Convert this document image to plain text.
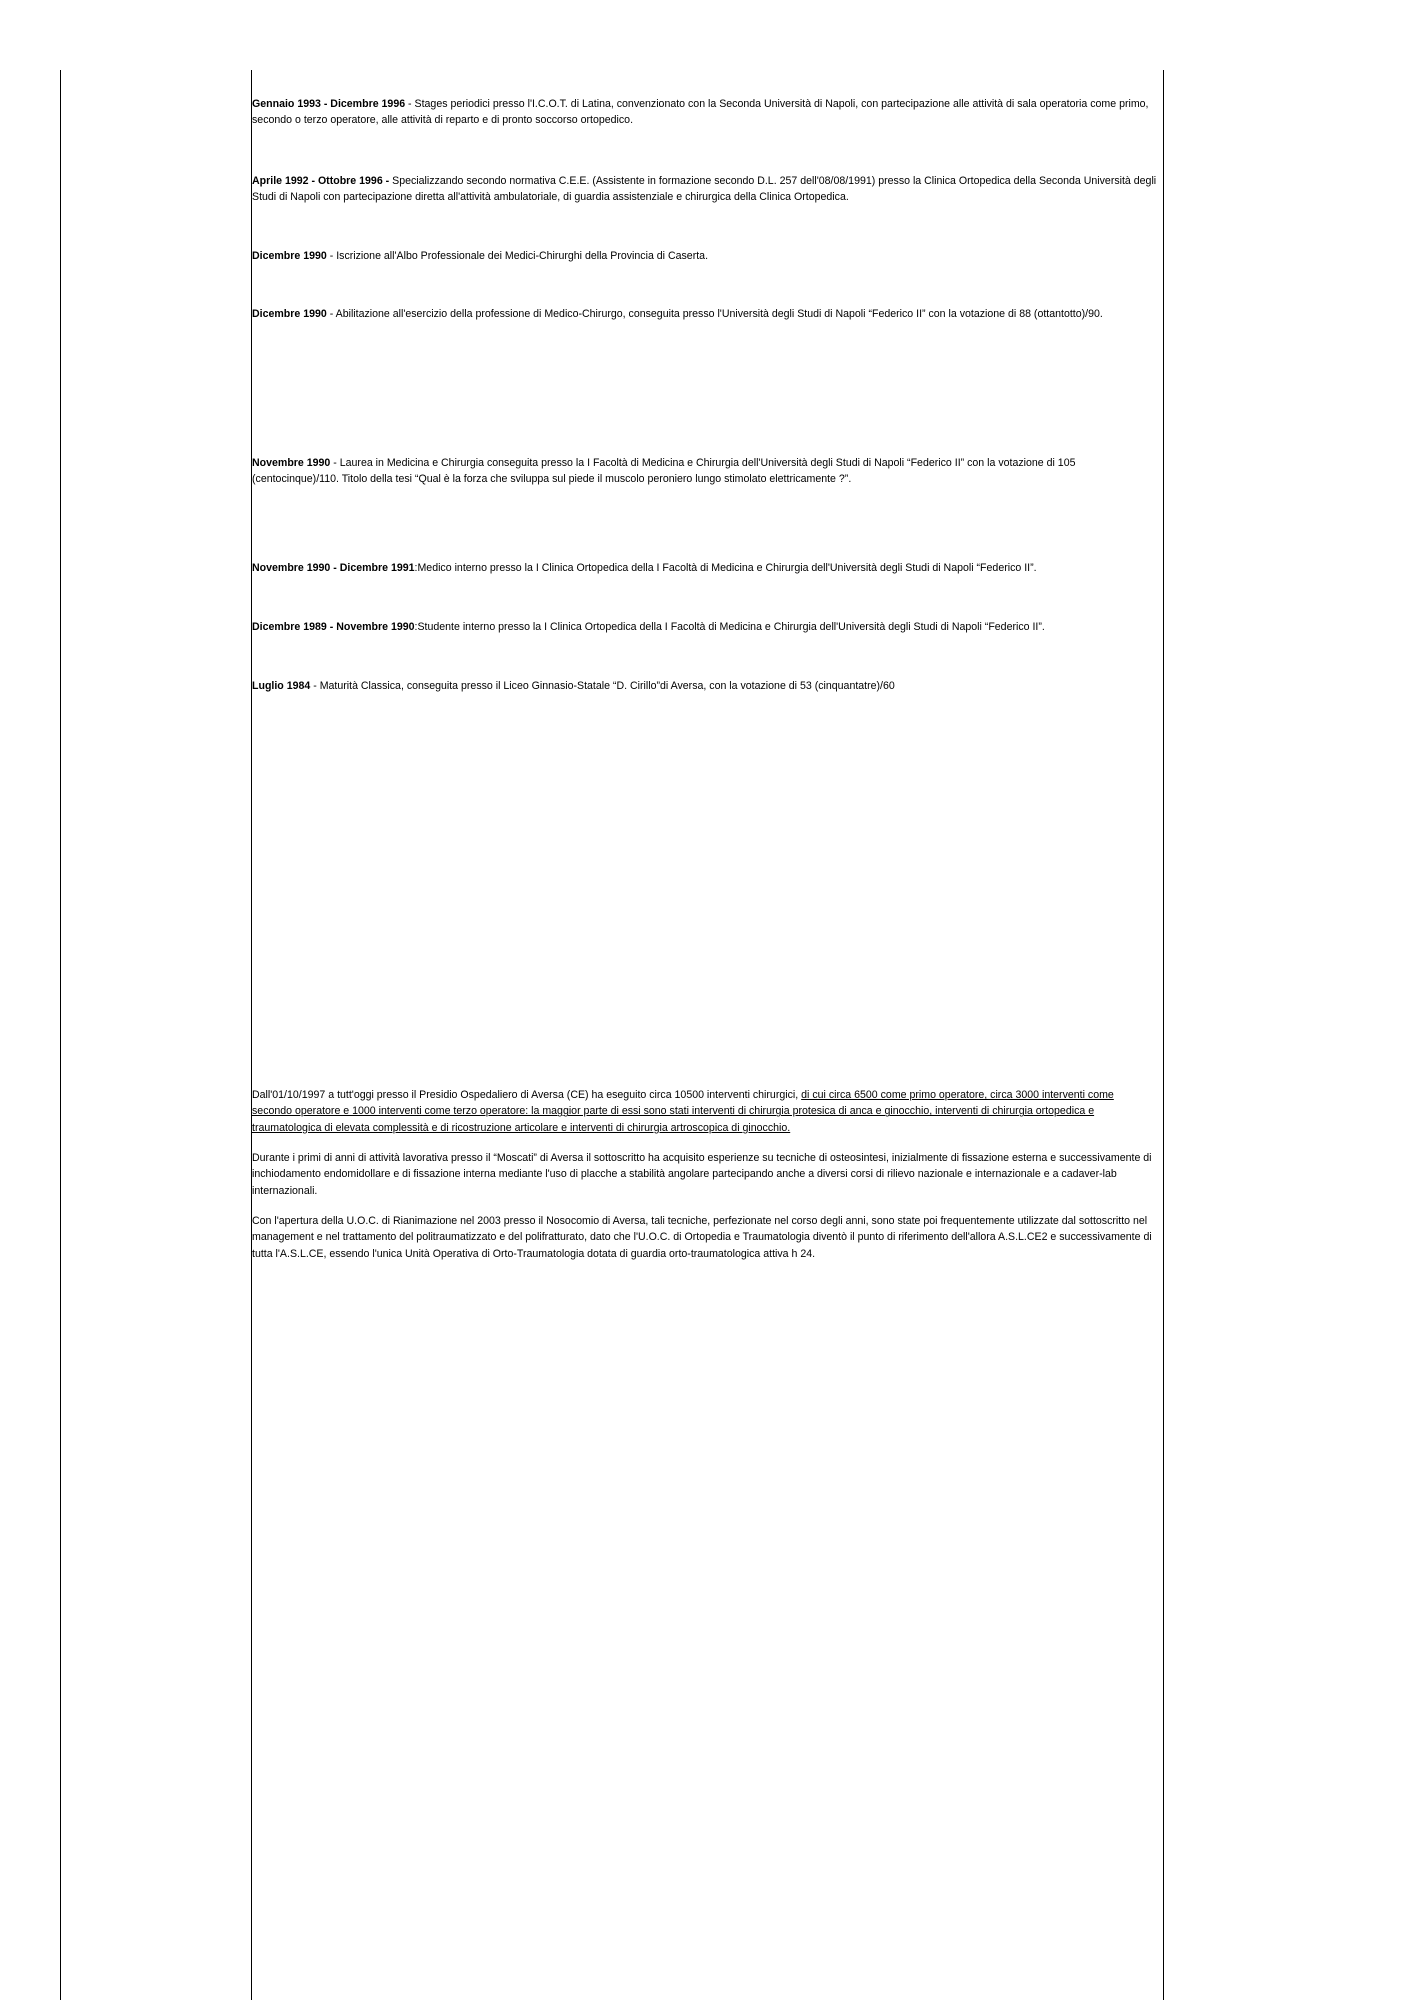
Gennaio 1993 - Dicembre 1996 - Stages periodici presso l'I.C.O.T. di Latina, convenzionato con la Seconda Università di Napoli, con partecipazione alle attività di sala operatoria come primo, secondo o terzo operatore, alle attività di reparto e di pronto soccorso ortopedico.

Aprile 1992 - Ottobre 1996 - Specializzando secondo normativa C.E.E. (Assistente in formazione secondo D.L. 257 dell'08/08/1991) presso la Clinica Ortopedica della Seconda Università degli Studi di Napoli con partecipazione diretta all'attività ambulatoriale, di guardia assistenziale e chirurgica della Clinica Ortopedica.

Dicembre 1990 - Iscrizione all'Albo Professionale dei Medici-Chirurghi della Provincia di Caserta.

Dicembre 1990 - Abilitazione all'esercizio della professione di Medico-Chirurgo, conseguita presso l'Università degli Studi di Napoli “Federico II” con la votazione di 88 (ottantotto)/90.

Novembre 1990 - Laurea in Medicina e Chirurgia conseguita presso la I Facoltà di Medicina e Chirurgia dell'Università degli Studi di Napoli “Federico II” con la votazione di 105 (centocinque)/110. Titolo della tesi “Qual è la forza che sviluppa sul piede il muscolo peroniero lungo stimolato elettricamente ?”.

Novembre 1990 - Dicembre 1991:Medico interno presso la I Clinica Ortopedica della I Facoltà di Medicina e Chirurgia dell'Università degli Studi di Napoli “Federico II”.

Dicembre 1989 - Novembre 1990:Studente interno presso la I Clinica Ortopedica della I Facoltà di Medicina e Chirurgia dell'Università degli Studi di Napoli “Federico II”.

Luglio 1984 - Maturità Classica, conseguita presso il Liceo Ginnasio-Statale “D. Cirillo”di Aversa, con la votazione di 53 (cinquantatre)/60

Dall'01/10/1997 a tutt'oggi presso il Presidio Ospedaliero di Aversa (CE) ha eseguito circa 10500 interventi chirurgici, di cui circa 6500 come primo operatore, circa 3000 interventi come secondo operatore e 1000 interventi come terzo operatore: la maggior parte di essi sono stati interventi di chirurgia protesica di anca e ginocchio, interventi di chirurgia ortopedica e traumatologica di elevata complessità e di ricostruzione articolare e interventi di chirurgia artroscopica di ginocchio.

Durante i primi di anni di attività lavorativa presso il “Moscati” di Aversa il sottoscritto ha acquisito esperienze su tecniche di osteosintesi, inizialmente di fissazione esterna e successivamente di inchiodamento endomidollare e di fissazione interna mediante l'uso di placche a stabilità angolare partecipando anche a diversi corsi di rilievo nazionale e internazionale e a cadaver-lab internazionali.

Con l'apertura della U.O.C. di Rianimazione nel 2003 presso il Nosocomio di Aversa, tali tecniche, perfezionate nel corso degli anni, sono state poi frequentemente utilizzate dal sottoscritto nel management e nel trattamento del politraumatizzato e del polifratturato, dato che l'U.O.C. di Ortopedia e Traumatologia diventò il punto di riferimento dell'allora A.S.L.CE2 e successivamente di tutta l'A.S.L.CE, essendo l'unica Unità Operativa di Orto-Traumatologia dotata di guardia orto-traumatologica attiva h 24.
